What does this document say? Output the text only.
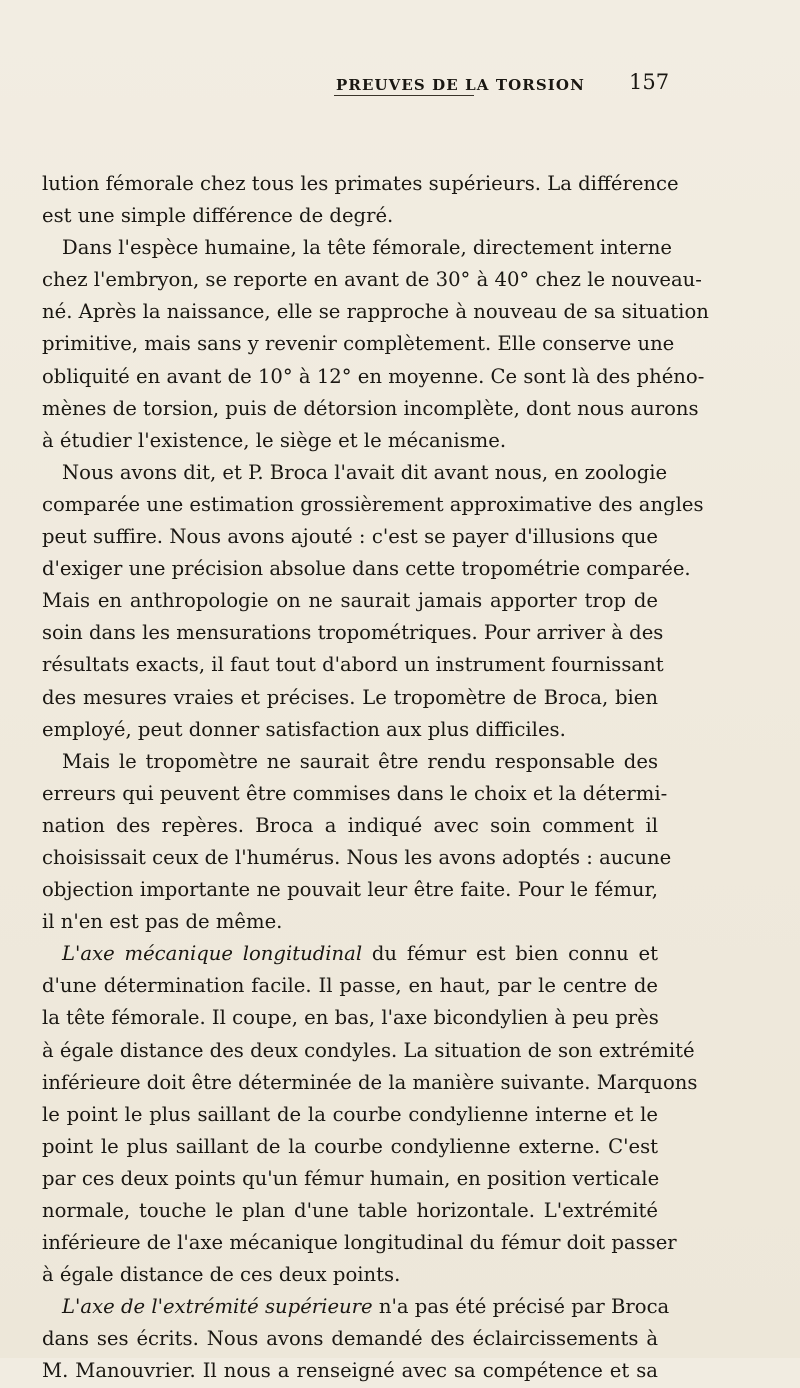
PREUVES DE LA TORSION 157
lution fémorale chez tous les primates supérieurs. La différence
est une simple différence de degré.
Dans l'espèce humaine, la tête fémorale, directement interne
chez l'embryon, se reporte en avant de 30° à 40° chez le nouveau-
né. Après la naissance, elle se rapproche à nouveau de sa situation
primitive, mais sans y revenir complètement. Elle conserve une
obliquité en avant de 10° à 12° en moyenne. Ce sont là des phéno-
mènes de torsion, puis de détorsion incomplète, dont nous aurons
à étudier l'existence, le siège et le mécanisme.
Nous avons dit, et P. Broca l'avait dit avant nous, en zoologie
comparée une estimation grossièrement approximative des angles
peut suffire. Nous avons ajouté : c'est se payer d'illusions que
d'exiger une précision absolue dans cette tropométrie comparée.
Mais en anthropologie on ne saurait jamais apporter trop de
soin dans les mensurations tropométriques. Pour arriver à des
résultats exacts, il faut tout d'abord un instrument fournissant
des mesures vraies et précises. Le tropomètre de Broca, bien
employé, peut donner satisfaction aux plus difficiles.
Mais le tropomètre ne saurait être rendu responsable des
erreurs qui peuvent être commises dans le choix et la détermi-
nation des repères. Broca a indiqué avec soin comment il
choisissait ceux de l'humérus. Nous les avons adoptés : aucune
objection importante ne pouvait leur être faite. Pour le fémur,
il n'en est pas de même.
L'axe mécanique longitudinal du fémur est bien connu et
d'une détermination facile. Il passe, en haut, par le centre de
la tête fémorale. Il coupe, en bas, l'axe bicondylien à peu près
à égale distance des deux condyles. La situation de son extrémité
inférieure doit être déterminée de la manière suivante. Marquons
le point le plus saillant de la courbe condylienne interne et le
point le plus saillant de la courbe condylienne externe. C'est
par ces deux points qu'un fémur humain, en position verticale
normale, touche le plan d'une table horizontale. L'extrémité
inférieure de l'axe mécanique longitudinal du fémur doit passer
à égale distance de ces deux points.
L'axe de l'extrémité supérieure n'a pas été précisé par Broca
dans ses écrits. Nous avons demandé des éclaircissements à
M. Manouvrier. Il nous a renseigné avec sa compétence et sa
